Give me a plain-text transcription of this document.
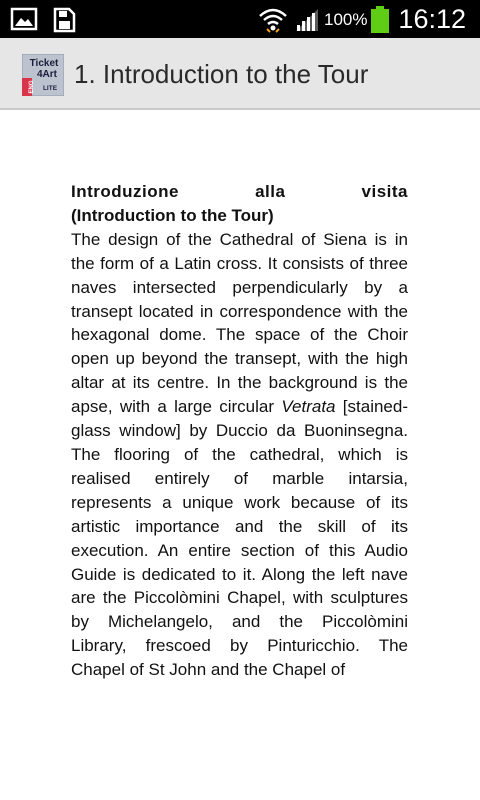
100% 16:12
Ticket
4Art
ENG LITE 1. Introduction to the Tour

Introduzione alla visita

(Introduction to the Tour)

The design of the Cathedral of Siena is in the form of a Latin cross. It consists of three naves intersected perpendicularly by a transept located in correspondence with the hexagonal dome. The space of the Choir open up beyond the transept, with the high altar at its centre. In the background is the apse, with a large circular Vetrata [stained-glass window] by Duccio da Buoninsegna. The flooring of the cathedral, which is realised entirely of marble intarsia, represents a unique work because of its artistic importance and the skill of its execution. An entire section of this Audio Guide is dedicated to it. Along the left nave are the Piccolòmini Chapel, with sculptures by Michelangelo, and the Piccolòmini Library, frescoed by Pinturicchio. The Chapel of St John and the Chapel of
